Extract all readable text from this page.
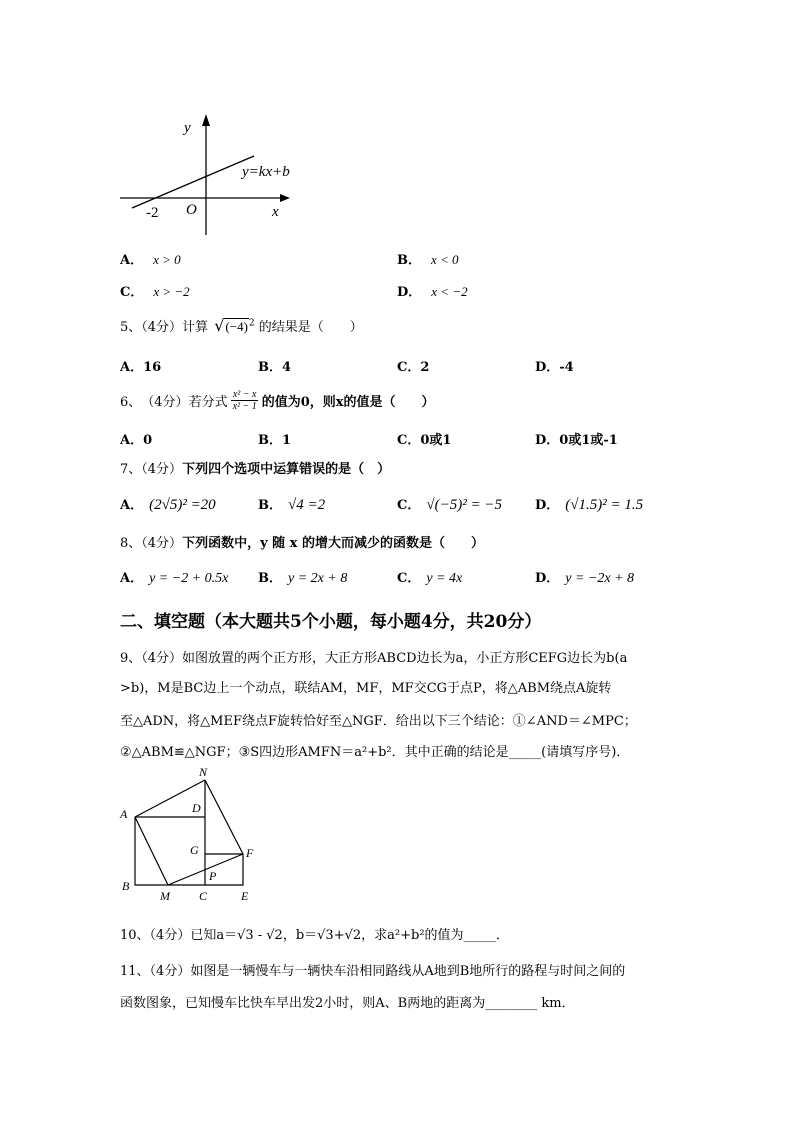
y
x
O
-2
y=kx+b
A． x > 0	B． x < 0
C． x > −2	D． x < −2
5、（4分）计算 $√(-4)^2$ 的结果是（　　）
A．16	B．4	C．2	D．-4
6、 （4分） 若分式
x² − x
x² − 1 的值为0，则x的值是（　　）
A．0	B．1	C．0或1	D．0或1或-1
7、（4分）下列四个选项中运算错误的是（　）
A． (2√5)² =20	B． √4 =2	C． √(−5)² = −5	D． (√1.5)² = 1.5
8、（4分）下列函数中，y 随 x 的增大而减少的函数是（　　）
A． y = −2 + 0.5x B． y = 2x + 8	C． y = 4x	D． y = −2x + 8
二、填空题（本大题共5个小题，每小题4分，共20分）
9、（4分）如图放置的两个正方形，大正方形ABCD边长为a，小正方形CEFG边长为b(a
>b)，M是BC边上一个动点，联结AM，MF，MF交CG于点P，将△ABM绕点A旋转
至△ADN，将△MEF绕点F旋转恰好至△NGF．给出以下三个结论：①∠AND＝∠MPC；
②△ABM≌△NGF；③S四边形AMFN＝a²+b²．其中正确的结论是_____(请填写序号)．
N
D
A
G	F
P
B
M C	E
10、（4分）已知a＝√3 - √2，b＝√3+√2，求a²+b²的值为_____．
11、（4分）如图是一辆慢车与一辆快车沿相同路线从A地到B地所行的路程与时间之间的
函数图象，已知慢车比快车早出发2小时，则A、B两地的距离为________ km．
